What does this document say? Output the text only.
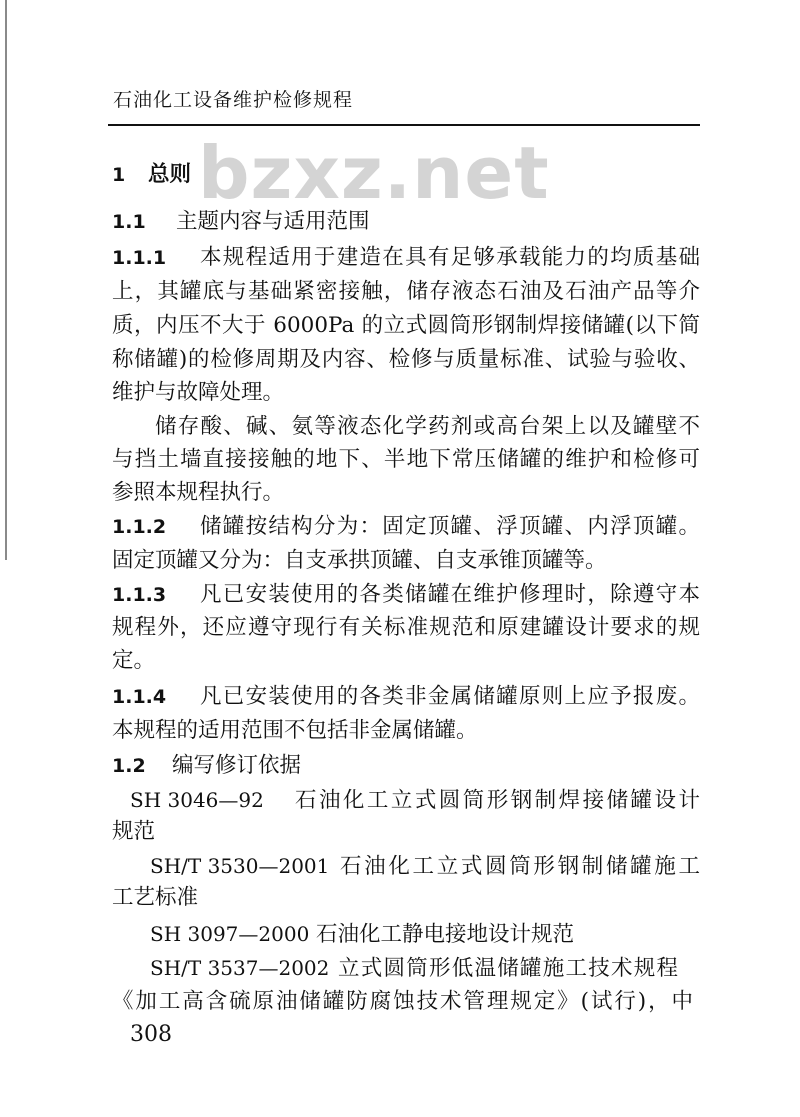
石油化工设备维护检修规程
bzxz.net
1	总则
1.1	主题内容与适用范围
1.1.1	本规程适用于建造在具有足够承载能力的均质基础
上，其罐底与基础紧密接触，储存液态石油及石油产品等介
质，内压不大于 6000Pa 的立式圆筒形钢制焊接储罐(以下简
称储罐)的检修周期及内容、检修与质量标准、试验与验收、
维护与故障处理。
储存酸、碱、氨等液态化学药剂或高台架上以及罐壁不
与挡土墙直接接触的地下、半地下常压储罐的维护和检修可
参照本规程执行。
1.1.2	储罐按结构分为：固定顶罐、浮顶罐、内浮顶罐。
固定顶罐又分为：自支承拱顶罐、自支承锥顶罐等。
1.1.3	凡已安装使用的各类储罐在维护修理时，除遵守本
规程外，还应遵守现行有关标准规范和原建罐设计要求的规
定。
1.1.4	凡已安装使用的各类非金属储罐原则上应予报废。
本规程的适用范围不包括非金属储罐。
1.2	编写修订依据
SH 3046—92	石油化工立式圆筒形钢制焊接储罐设计
规范
SH/T 3530—2001 石油化工立式圆筒形钢制储罐施工
工艺标准
SH 3097—2000 石油化工静电接地设计规范
SH/T 3537—2002 立式圆筒形低温储罐施工技术规程
《加工高含硫原油储罐防腐蚀技术管理规定》(试行)，中
308
